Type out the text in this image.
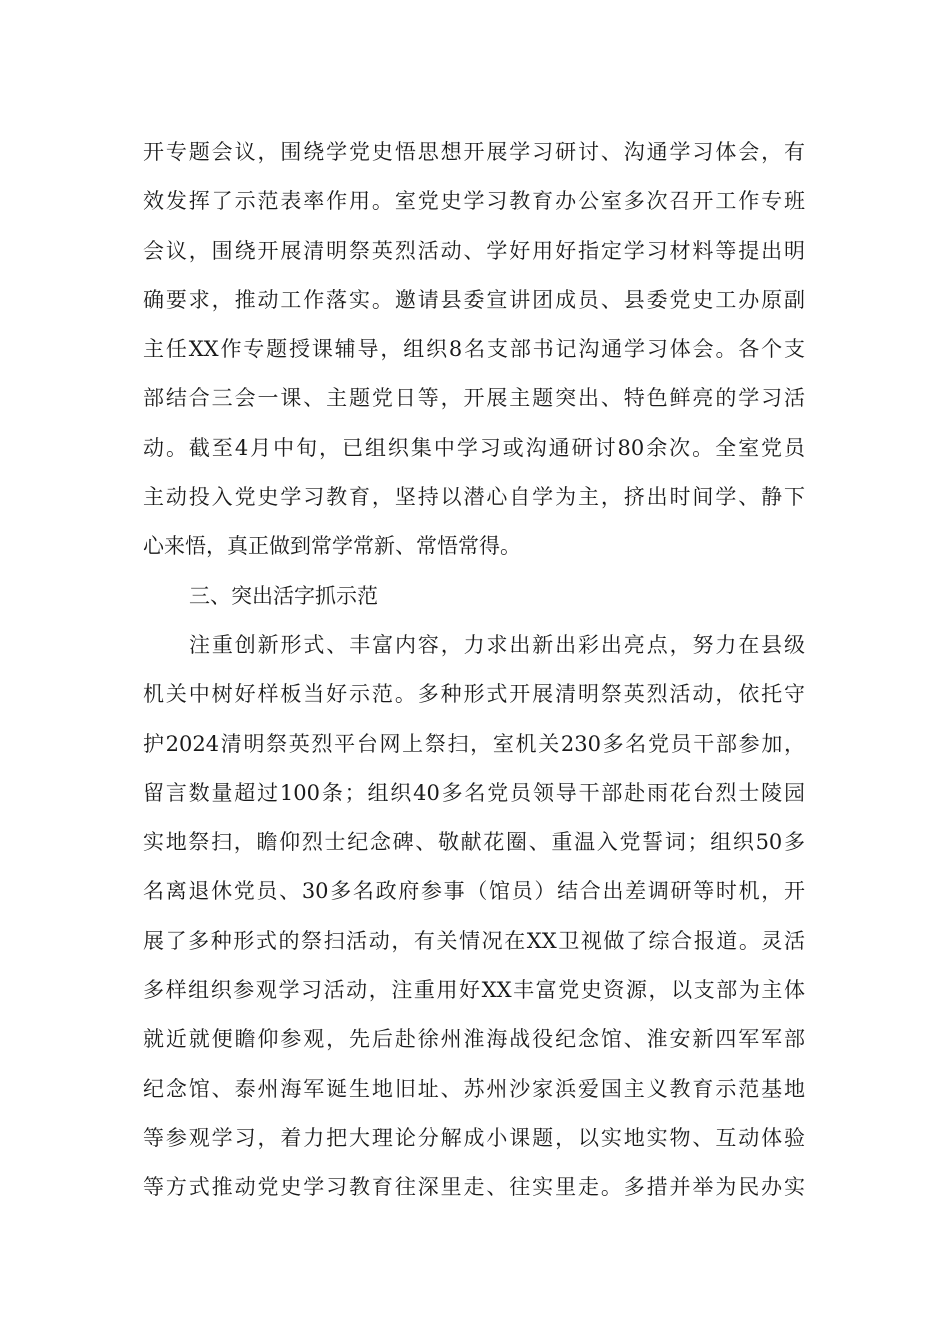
开专题会议，围绕学党史悟思想开展学习研讨、沟通学习体会，有
效发挥了示范表率作用。室党史学习教育办公室多次召开工作专班
会议，围绕开展清明祭英烈活动、学好用好指定学习材料等提出明
确要求，推动工作落实。邀请县委宣讲团成员、县委党史工办原副
主任XX作专题授课辅导，组织8名支部书记沟通学习体会。各个支
部结合三会一课、主题党日等，开展主题突出、特色鲜亮的学习活
动。截至4月中旬，已组织集中学习或沟通研讨80余次。全室党员
主动投入党史学习教育，坚持以潜心自学为主，挤出时间学、静下
心来悟，真正做到常学常新、常悟常得。
三、突出活字抓示范
注重创新形式、丰富内容，力求出新出彩出亮点，努力在县级
机关中树好样板当好示范。多种形式开展清明祭英烈活动，依托守
护2024清明祭英烈平台网上祭扫，室机关230多名党员干部参加，
留言数量超过100条；组织40多名党员领导干部赴雨花台烈士陵园
实地祭扫，瞻仰烈士纪念碑、敬献花圈、重温入党誓词；组织50多
名离退休党员、30多名政府参事（馆员）结合出差调研等时机，开
展了多种形式的祭扫活动，有关情况在XX卫视做了综合报道。灵活
多样组织参观学习活动，注重用好XX丰富党史资源，以支部为主体
就近就便瞻仰参观，先后赴徐州淮海战役纪念馆、淮安新四军军部
纪念馆、泰州海军诞生地旧址、苏州沙家浜爱国主义教育示范基地
等参观学习，着力把大理论分解成小课题，以实地实物、互动体验
等方式推动党史学习教育往深里走、往实里走。多措并举为民办实
